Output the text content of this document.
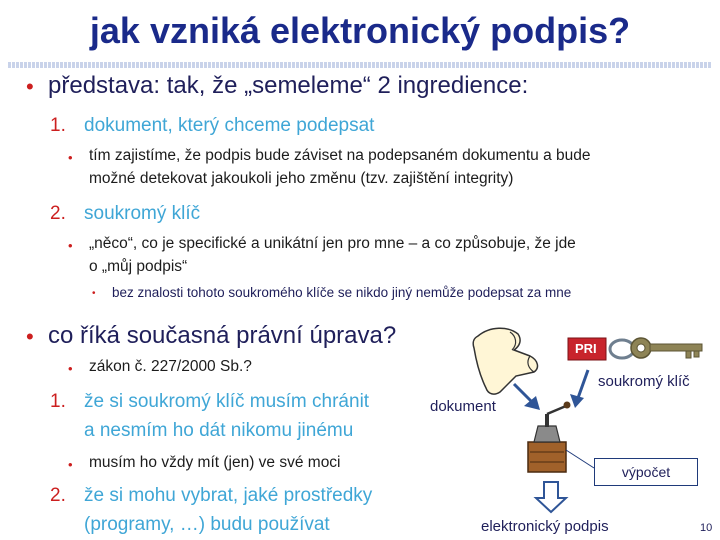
jak vzniká elektronický podpis?
• představa: tak, že „semeleme“ 2 ingredience:
1. dokument, který chceme podepsat
• tím zajistíme, že podpis bude záviset na podepsaném dokumentu a bude
možné detekovat jakoukoli jeho změnu (tzv. zajištění integrity)
2. soukromý klíč
• „něco“, co je specifické a unikátní jen pro mne – a co způsobuje, že jde
o „můj podpis“
• bez znalosti tohoto soukromého klíče se nikdo jiný nemůže podepsat za mne
• co říká současná právní úprava?
• zákon č. 227/2000 Sb.?
1. že si soukromý klíč musím chránit
a nesmím ho dát nikomu jinému
• musím ho vždy mít (jen) ve své moci
2. že si mohu vybrat, jaké prostředky
(programy, …) budu používat
PRI
soukromý klíč
dokument
výpočet
elektronický podpis	10
